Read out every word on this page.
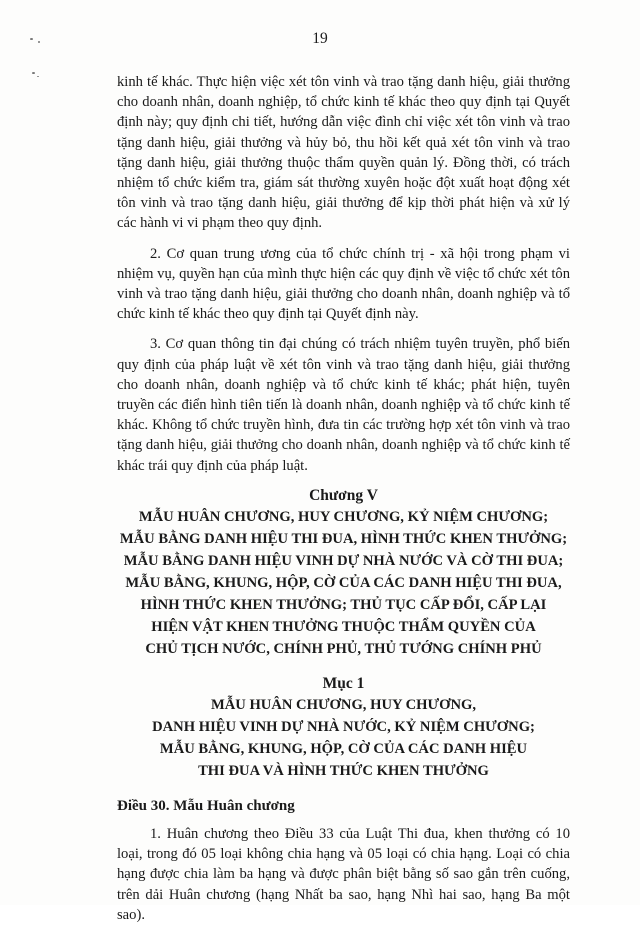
19

kinh tế khác. Thực hiện việc xét tôn vinh và trao tặng danh hiệu, giải thưởng cho doanh nhân, doanh nghiệp, tổ chức kinh tế khác theo quy định tại Quyết định này; quy định chi tiết, hướng dẫn việc đình chỉ việc xét tôn vinh và trao tặng danh hiệu, giải thưởng và hủy bỏ, thu hồi kết quả xét tôn vinh và trao tặng danh hiệu, giải thưởng thuộc thẩm quyền quản lý. Đồng thời, có trách nhiệm tổ chức kiểm tra, giám sát thường xuyên hoặc đột xuất hoạt động xét tôn vinh và trao tặng danh hiệu, giải thưởng để kịp thời phát hiện và xử lý các hành vi vi phạm theo quy định.

2. Cơ quan trung ương của tổ chức chính trị - xã hội trong phạm vi nhiệm vụ, quyền hạn của mình thực hiện các quy định về việc tổ chức xét tôn vinh và trao tặng danh hiệu, giải thưởng cho doanh nhân, doanh nghiệp và tổ chức kinh tế khác theo quy định tại Quyết định này.

3. Cơ quan thông tin đại chúng có trách nhiệm tuyên truyền, phổ biến quy định của pháp luật về xét tôn vinh và trao tặng danh hiệu, giải thưởng cho doanh nhân, doanh nghiệp và tổ chức kinh tế khác; phát hiện, tuyên truyền các điển hình tiên tiến là doanh nhân, doanh nghiệp và tổ chức kinh tế khác. Không tổ chức truyền hình, đưa tin các trường hợp xét tôn vinh và trao tặng danh hiệu, giải thưởng cho doanh nhân, doanh nghiệp và tổ chức kinh tế khác trái quy định của pháp luật.

Chương V
MẪU HUÂN CHƯƠNG, HUY CHƯƠNG, KỶ NIỆM CHƯƠNG;
MẪU BẰNG DANH HIỆU THI ĐUA, HÌNH THỨC KHEN THƯỞNG;
MẪU BẰNG DANH HIỆU VINH DỰ NHÀ NƯỚC VÀ CỜ THI ĐUA;
MẪU BẰNG, KHUNG, HỘP, CỜ CỦA CÁC DANH HIỆU THI ĐUA,
HÌNH THỨC KHEN THƯỞNG; THỦ TỤC CẤP ĐỔI, CẤP LẠI
HIỆN VẬT KHEN THƯỞNG THUỘC THẨM QUYỀN CỦA
CHỦ TỊCH NƯỚC, CHÍNH PHỦ, THỦ TƯỚNG CHÍNH PHỦ
Mục 1
MẪU HUÂN CHƯƠNG, HUY CHƯƠNG,
DANH HIỆU VINH DỰ NHÀ NƯỚC, KỶ NIỆM CHƯƠNG;
MẪU BẰNG, KHUNG, HỘP, CỜ CỦA CÁC DANH HIỆU
THI ĐUA VÀ HÌNH THỨC KHEN THƯỞNG
Điều 30. Mẫu Huân chương

1. Huân chương theo Điều 33 của Luật Thi đua, khen thưởng có 10 loại, trong đó 05 loại không chia hạng và 05 loại có chia hạng. Loại có chia hạng được chia làm ba hạng và được phân biệt bằng số sao gắn trên cuống, trên dải Huân chương (hạng Nhất ba sao, hạng Nhì hai sao, hạng Ba một sao).
